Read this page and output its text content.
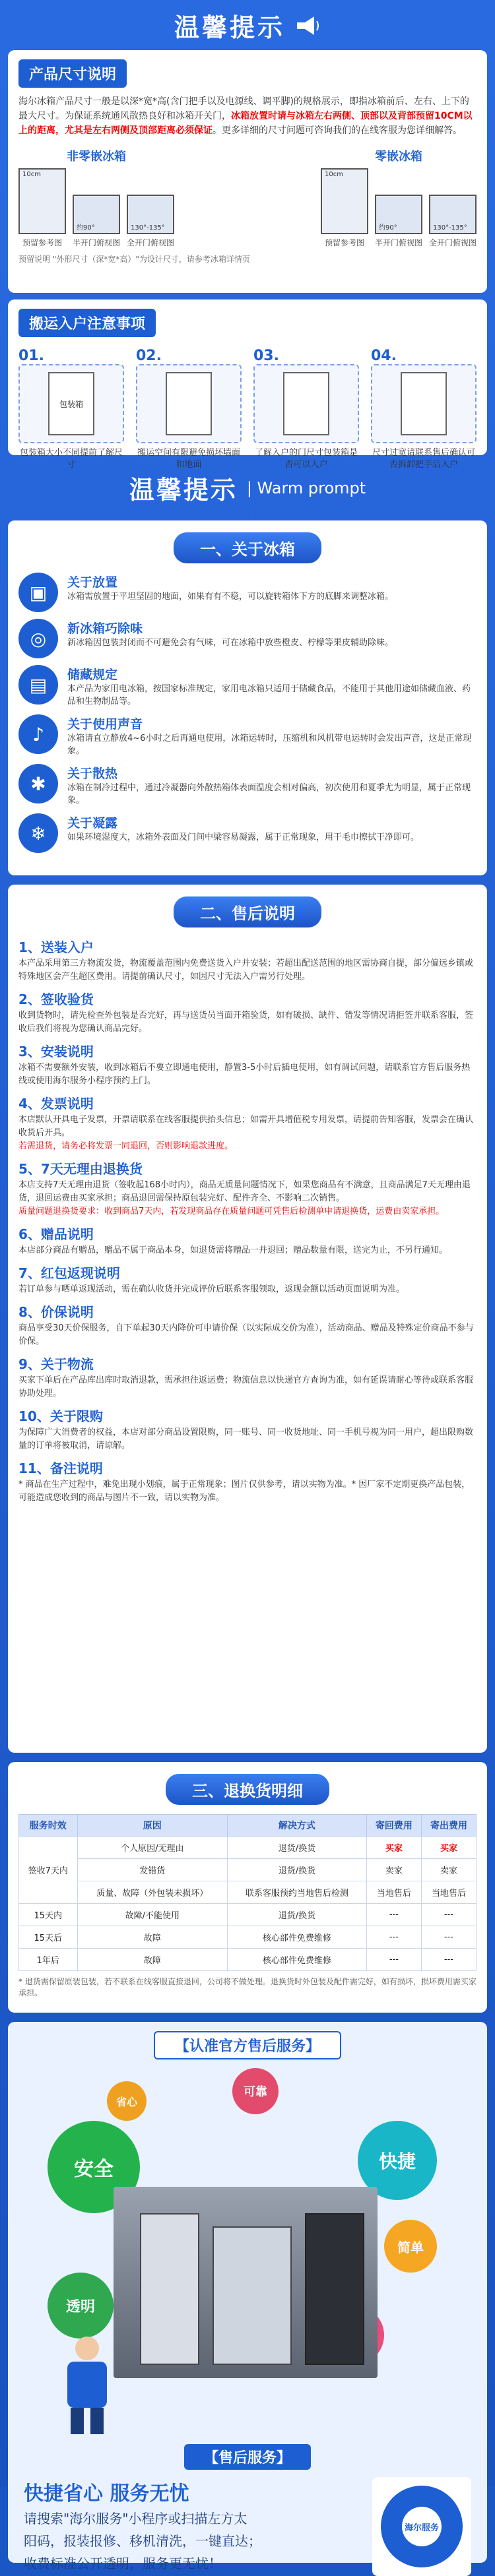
温馨提示
产品尺寸说明
海尔冰箱产品尺寸一般是以深*宽*高(含门把手以及电源线、调平脚)的规格展示，即指冰箱前后、左右、上下的最大尺寸。为保证系统通风散热良好和冰箱开关门，冰箱放置时请与冰箱左右两侧、顶部以及背部预留10CM以上的距离，尤其是左右两侧及顶部距离必须保证。更多详细的尺寸问题可咨询我们的在线客服为您详细解答。
非零嵌冰箱
10cm
预留参考图
约90°
半开门俯视图
130°-135°
全开门俯视图
零嵌冰箱
10cm
预留参考图
约90°
半开门俯视图
130°-135°
全开门俯视图
预留说明 "外形尺寸（深*宽*高）"为设计尺寸，请参考冰箱详情页
搬运入户注意事项
01.
包装箱
包装箱大小不同提前了解尺寸
02.
搬运空间有限避免损坏墙面和地面
03.
了解入户的门尺寸包装箱是否可以入户
04.
尺寸过宽请联系售后确认可否拆卸把手后入户
温馨提示 | Warm prompt
一、关于冰箱
▣	关于放置
冰箱需放置于平坦坚固的地面，如果有有不稳，可以旋转箱体下方的底脚来调整冰箱。
◎	新冰箱巧除味
新冰箱因包装封闭而不可避免会有气味，可在冰箱中放些橙皮、柠檬等果皮辅助除味。
▤	储藏规定
本产品为家用电冰箱，按国家标准规定，家用电冰箱只适用于储藏食品，不能用于其他用途如储藏血液、药品和生物制品等。
♪	关于使用声音
冰箱请直立静放4~6小时之后再通电使用，冰箱运转时，压缩机和风机带电运转时会发出声音，这是正常现象。
✱	关于散热
冰箱在制冷过程中，通过冷凝器向外散热箱体表面温度会相对偏高，初次使用和夏季尤为明显，属于正常现象。
❄	关于凝露
如果环境湿度大，冰箱外表面及门间中梁容易凝露，属于正常现象，用干毛巾擦拭干净即可。
二、售后说明
1、送装入户
本产品采用第三方物流发货，物流覆盖范围内免费送货入户并安装；若超出配送范围的地区需协商自提，部分偏远乡镇或特殊地区会产生超区费用。请提前确认尺寸，如因尺寸无法入户需另行处理。
2、签收验货
收到货物时，请先检查外包装是否完好，再与送货员当面开箱验货，如有破损、缺件、错发等情况请拒签并联系客服，签收后我们将视为您确认商品完好。
3、安装说明
冰箱不需要额外安装，收到冰箱后不要立即通电使用，静置3-5小时后插电使用，如有调试问题，请联系官方售后服务热线或使用海尔服务小程序预约上门。
4、发票说明
本店默认开具电子发票，开票请联系在线客服提供抬头信息；如需开具增值税专用发票，请提前告知客服，发票会在确认收货后开具。
若需退货，请务必将发票一同退回，否则影响退款进度。
5、7天无理由退换货
本店支持7天无理由退货（签收起168小时内），商品无质量问题情况下，如果您商品有不满意，且商品满足7天无理由退货，退回运费由买家承担；商品退回需保持原包装完好、配件齐全、不影响二次销售。
质量问题退换货要求：收到商品7天内，若发现商品存在质量问题可凭售后检测单申请退换货，运费由卖家承担。
6、赠品说明
本店部分商品有赠品，赠品不属于商品本身，如退货需将赠品一并退回；赠品数量有限，送完为止，不另行通知。
7、红包返现说明
若订单参与晒单返现活动，需在确认收货并完成评价后联系客服领取，返现金额以活动页面说明为准。
8、价保说明
商品享受30天价保服务，自下单起30天内降价可申请价保（以实际成交价为准），活动商品、赠品及特殊定价商品不参与价保。
9、关于物流
买家下单后在产品库出库时取消退款，需承担往返运费；物流信息以快递官方查询为准，如有延误请耐心等待或联系客服协助处理。
10、关于限购
为保障广大消费者的权益，本店对部分商品设置限购，同一账号、同一收货地址、同一手机号视为同一用户，超出限购数量的订单将被取消，请谅解。
11、备注说明
* 商品在生产过程中，难免出现小划痕，属于正常现象；图片仅供参考，请以实物为准。* 因厂家不定期更换产品包装，可能造成您收到的商品与图片不一致，请以实物为准。
三、退换货明细
服务时效	原因	解决方式	寄回费用	寄出费用
签收7天内	个人原因/无理由	退货/换货	买家	买家
	发错货	退货/换货	卖家	卖家
	质量、故障（外包装未损坏）	联系客服预约当地售后检测	当地售后	当地售后
15天内	故障/不能使用	退货/换货	---	---
15天后	故障	核心部件免费维修	---	---
1年后	故障	核心部件免费维修	---	---
* 退货需保留原装包装，若不联系在线客服直接退回，公司将不做处理。退换货时外包装及配件需完好，如有损坏，损坏费用需买家承担。
【认准官方售后服务】
省心
可靠
安全	快捷
简单
透明
【售后服务】
快捷省心 服务无忧
请搜索"海尔服务"小程序或扫描左方太
阳码，报装报修、移机清洗，一键直达；
收费标准公开透明，服务更无忧！
海尔服务
